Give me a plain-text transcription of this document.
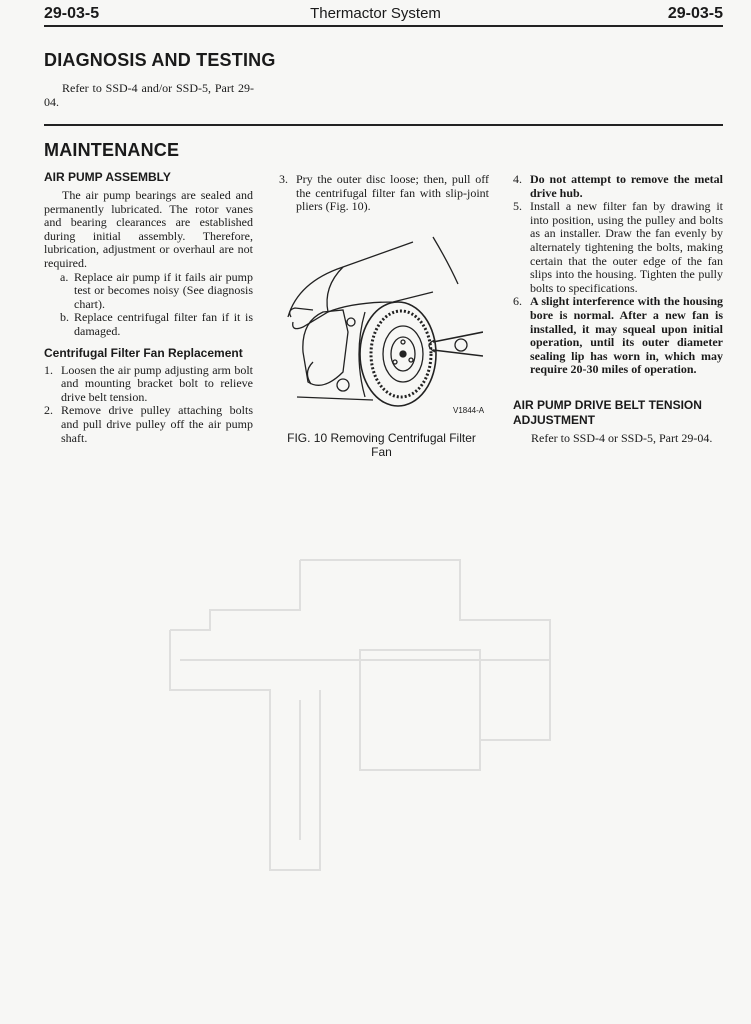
29-03-5	Thermactor System	29-03-5
DIAGNOSIS AND TESTING

Refer to SSD-4 and/or SSD-5, Part 29-04.

MAINTENANCE
AIR PUMP ASSEMBLY

The air pump bearings are sealed and permanently lubricated. The rotor vanes and bearing clearances are established during initial assembly. Therefore, lubrication, adjustment or overhaul are not required.

a. Replace air pump if it fails air pump test or becomes noisy (See diagnosis chart).
b. Replace centrifugal filter fan if it is damaged.
Centrifugal Filter Fan Replacement
1. Loosen the air pump adjusting arm bolt and mounting bracket bolt to relieve drive belt tension.
2. Remove drive pulley attaching bolts and pull drive pulley off the air pump shaft.
3. Pry the outer disc loose; then, pull off the centrifugal filter fan with slip-joint pliers (Fig. 10).
V1844-A
FIG. 10 Removing Centrifugal Filter Fan
4. Do not attempt to remove the metal drive hub.
5. Install a new filter fan by drawing it into position, using the pulley and bolts as an installer. Draw the fan evenly by alternately tightening the bolts, making certain that the outer edge of the fan slips into the housing. Tighten the pully bolts to specifications.
6. A slight interference with the housing bore is normal. After a new fan is installed, it may squeal upon initial operation, until its outer diameter sealing lip has worn in, which may require 20-30 miles of operation.
AIR PUMP DRIVE BELT TENSION ADJUSTMENT

Refer to SSD-4 or SSD-5, Part 29-04.
